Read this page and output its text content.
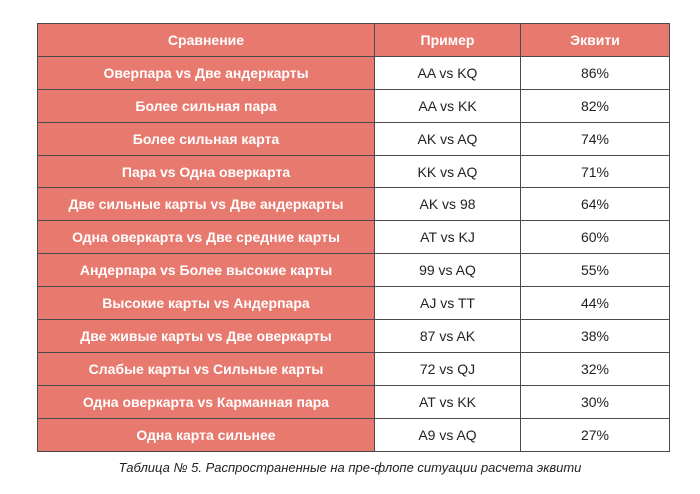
Сравнение	Пример	Эквити
Оверпара vs Две андеркарты	AA vs KQ	86%
Более сильная пара	AA vs KK	82%
Более сильная карта	AK vs AQ	74%
Пара vs Одна оверкарта	KK vs AQ	71%
Две сильные карты vs Две андеркарты	AK vs 98	64%
Одна оверкарта vs Две средние карты	AT vs KJ	60%
Андерпара vs Более высокие карты	99 vs AQ	55%
Высокие карты vs Андерпара	AJ vs TT	44%
Две живые карты vs Две оверкарты	87 vs AK	38%
Слабые карты vs Сильные карты	72 vs QJ	32%
Одна оверкарта vs Карманная пара	AT vs KK	30%
Одна карта сильнее	A9 vs AQ	27%
Таблица № 5. Распространенные на пре-флопе ситуации расчета эквити
